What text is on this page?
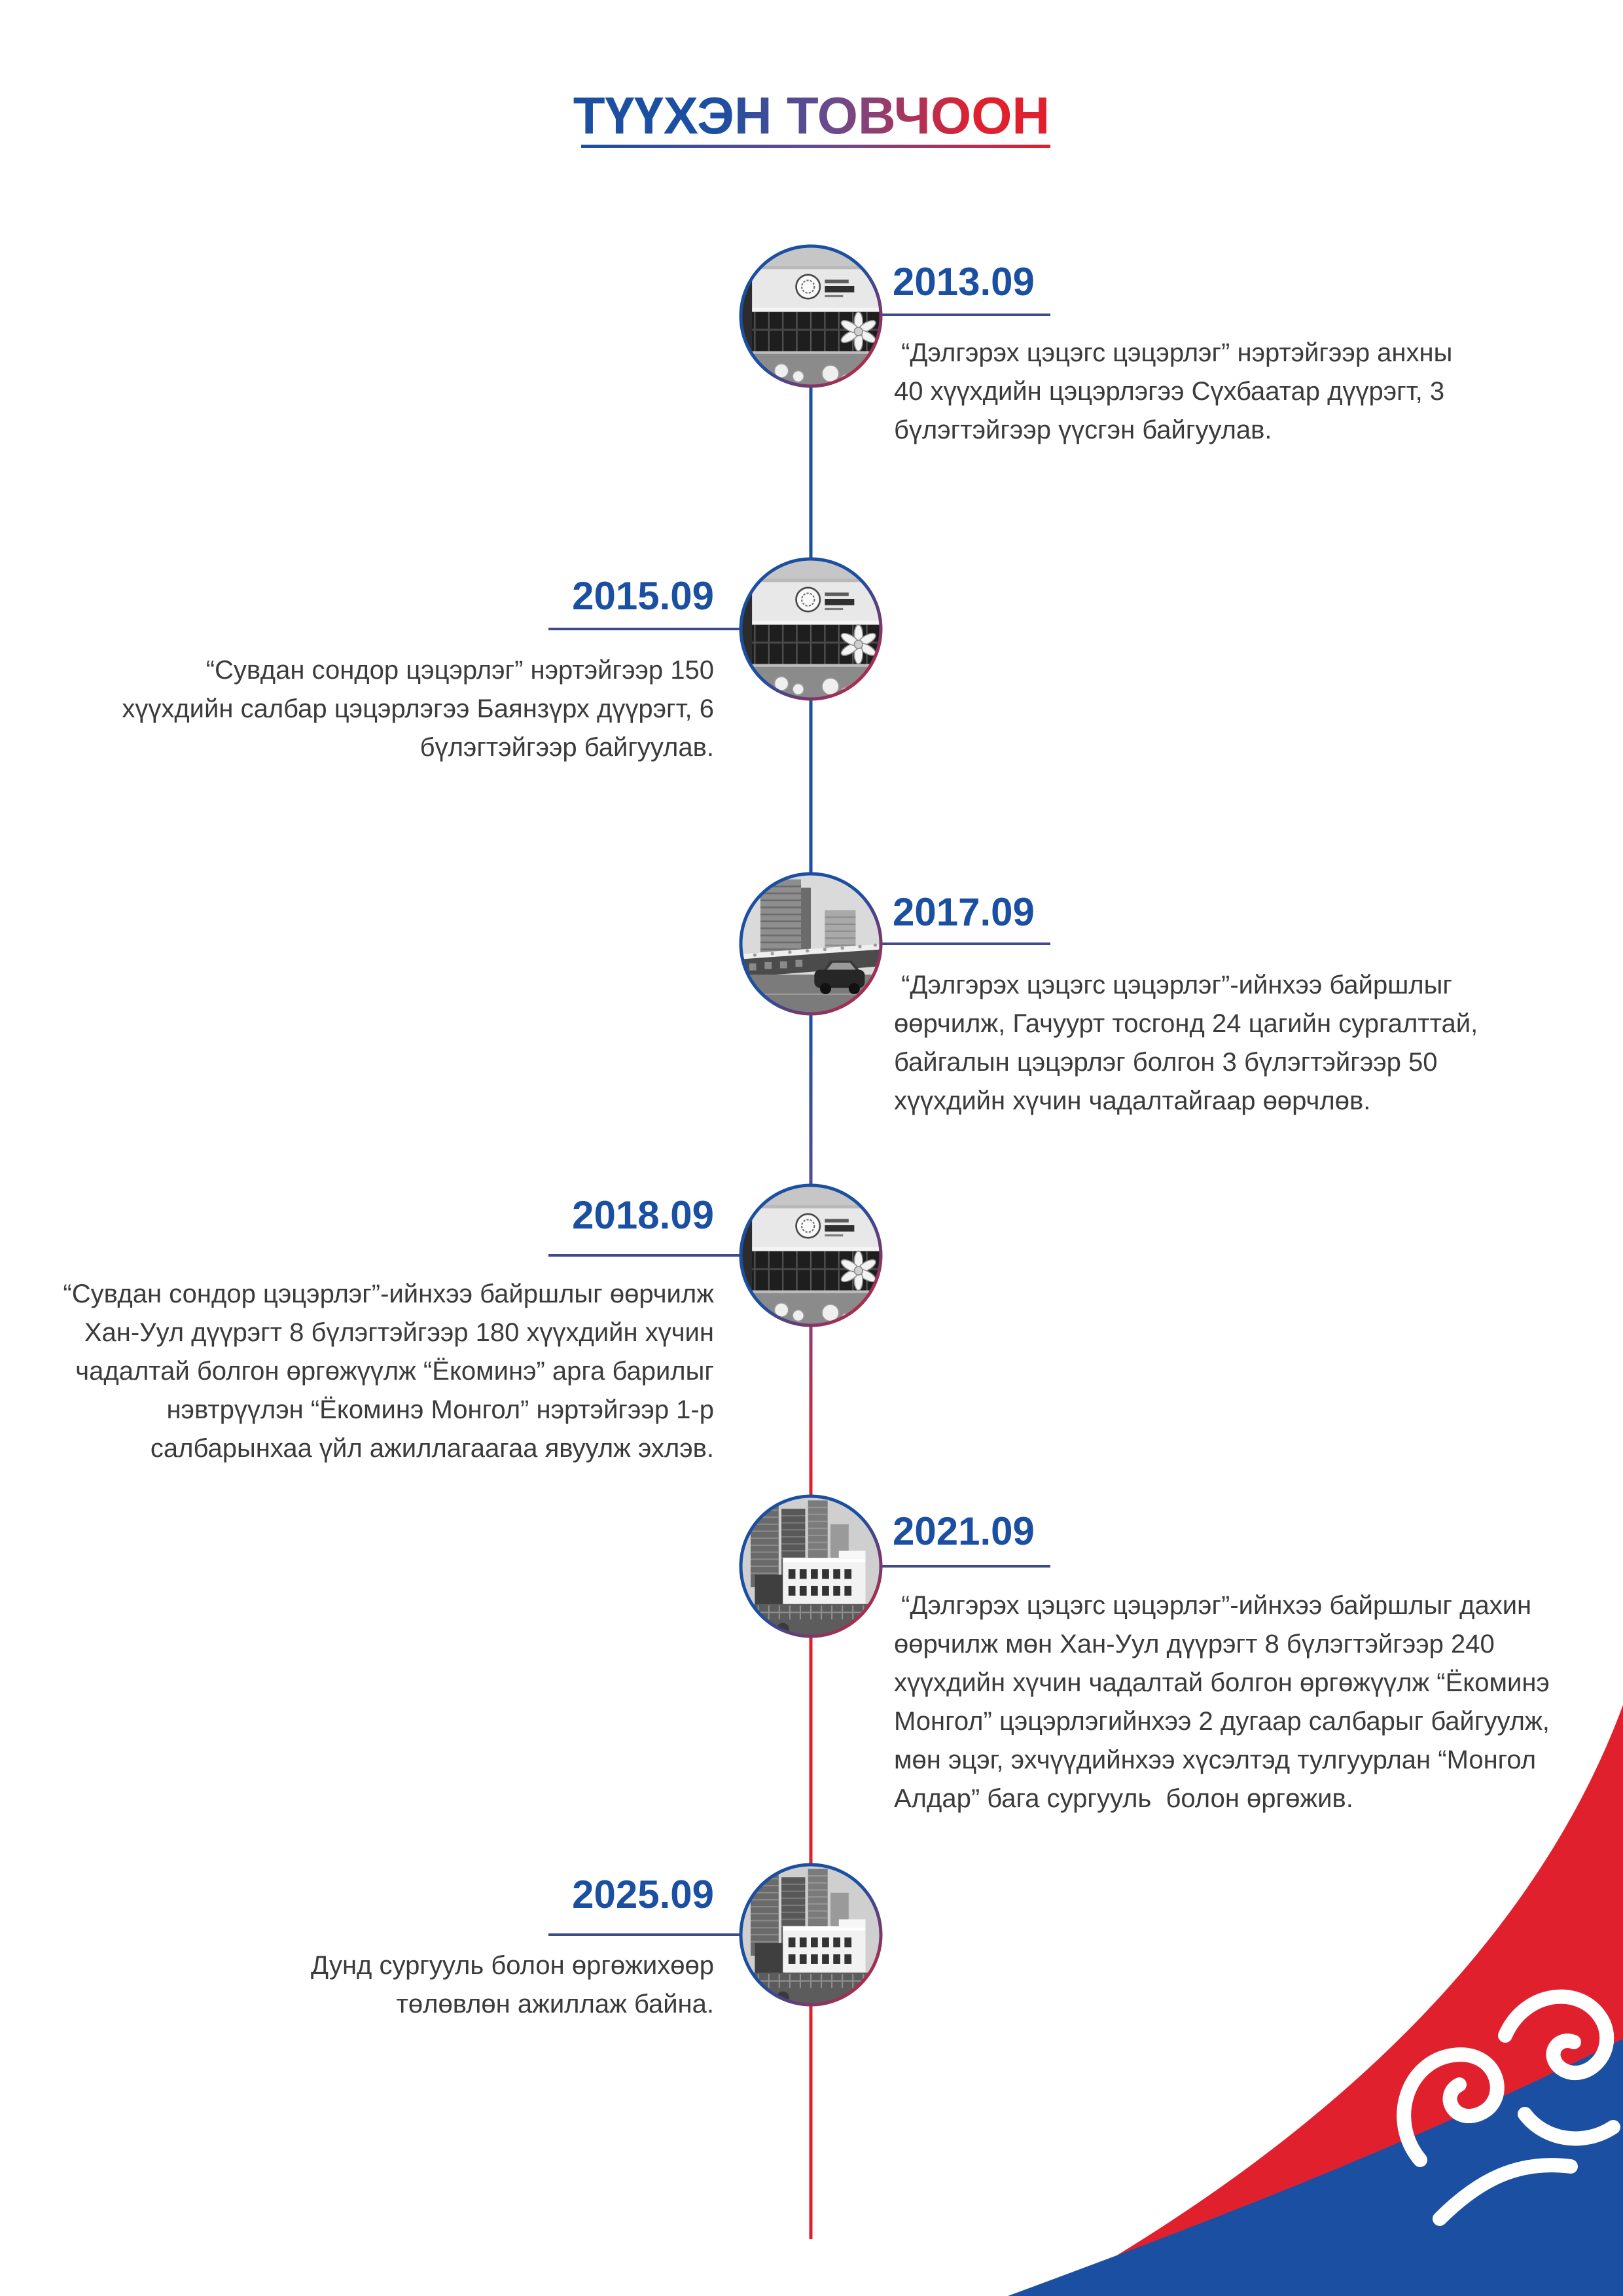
ТҮҮХЭН ТОВЧООН
2013.09
“Дэлгэрэх цэцэгс цэцэрлэг” нэртэйгээр анхны
40 хүүхдийн цэцэрлэгээ Сүхбаатар дүүрэгт, 3
бүлэгтэйгээр үүсгэн байгуулав.
2015.09
“Сувдан сондор цэцэрлэг” нэртэйгээр 150
хүүхдийн салбар цэцэрлэгээ Баянзүрх дүүрэгт, 6
бүлэгтэйгээр байгуулав.
2017.09
“Дэлгэрэх цэцэгс цэцэрлэг”-ийнхээ байршлыг
өөрчилж, Гачуурт тосгонд 24 цагийн сургалттай,
байгалын цэцэрлэг болгон 3 бүлэгтэйгээр 50
хүүхдийн хүчин чадалтайгаар өөрчлөв.
2018.09
“Сувдан сондор цэцэрлэг”-ийнхээ байршлыг өөрчилж
Хан-Уул дүүрэгт 8 бүлэгтэйгээр 180 хүүхдийн хүчин
чадалтай болгон өргөжүүлж “Ёкоминэ” арга барилыг
нэвтрүүлэн “Ёкоминэ Монгол” нэртэйгээр 1-р
салбарынхаа үйл ажиллагаагаа явуулж эхлэв.
2021.09
“Дэлгэрэх цэцэгс цэцэрлэг”-ийнхээ байршлыг дахин
өөрчилж мөн Хан-Уул дүүрэгт 8 бүлэгтэйгээр 240
хүүхдийн хүчин чадалтай болгон өргөжүүлж “Ёкоминэ
Монгол” цэцэрлэгийнхээ 2 дугаар салбарыг байгуулж,
мөн эцэг, эхчүүдийнхээ хүсэлтэд тулгуурлан “Монгол
Алдар” бага сургууль  болон өргөжив.
2025.09
Дунд сургууль болон өргөжихөөр
төлөвлөн ажиллаж байна.
